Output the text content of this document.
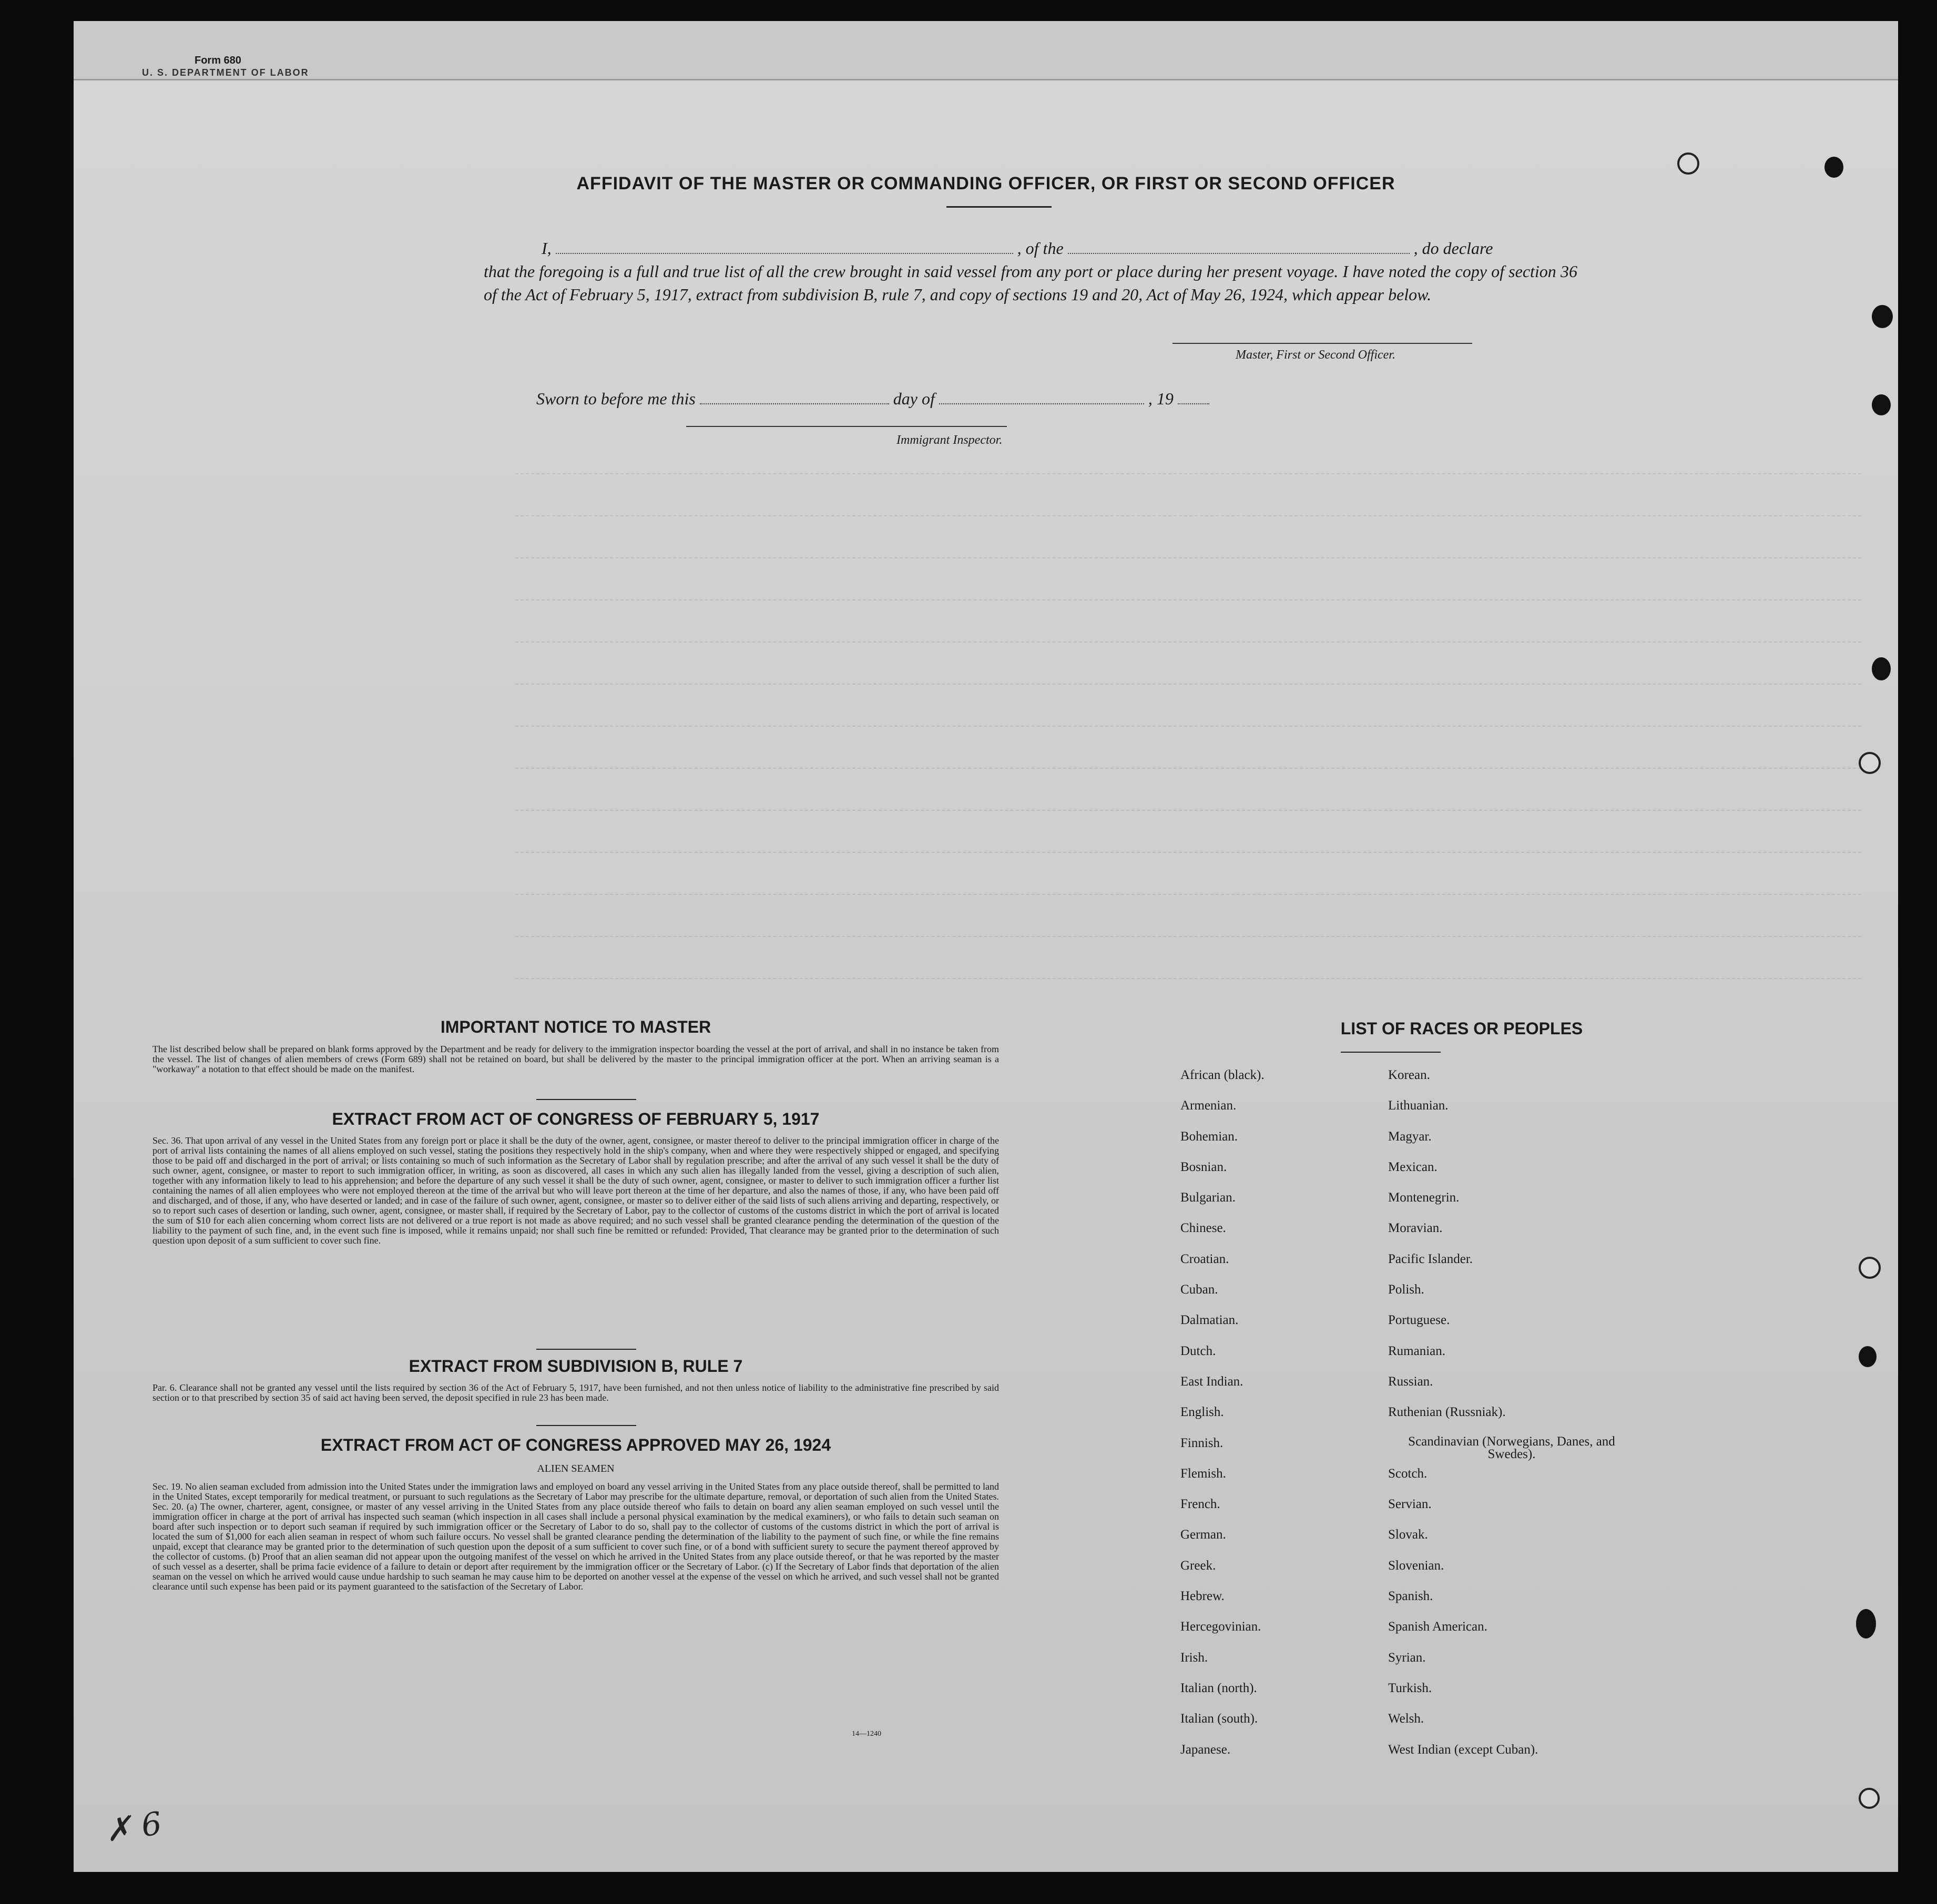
Form 680
U. S. DEPARTMENT OF LABOR
AFFIDAVIT OF THE MASTER OR COMMANDING OFFICER, OR FIRST OR SECOND OFFICER
I,	, of the	, do declare
that the foregoing is a full and true list of all the crew brought in said vessel from any port or place during her present voyage. I have noted the copy of section 36 of the Act of February 5, 1917, extract from subdivision B, rule 7, and copy of sections 19 and 20, Act of May 26, 1924, which appear below.
Master, First or Second Officer.
Sworn to before me this	day of	, 19
Immigrant Inspector.
IMPORTANT NOTICE TO MASTER
The list described below shall be prepared on blank forms approved by the Department and be ready for delivery to the immigration inspector boarding the vessel at the port of arrival, and shall in no instance be taken from the vessel. The list of changes of alien members of crews (Form 689) shall not be retained on board, but shall be delivered by the master to the principal immigration officer at the port. When an arriving seaman is a "workaway" a notation to that effect should be made on the manifest.
EXTRACT FROM ACT OF CONGRESS OF FEBRUARY 5, 1917
Sec. 36. That upon arrival of any vessel in the United States from any foreign port or place it shall be the duty of the owner, agent, consignee, or master thereof to deliver to the principal immigration officer in charge of the port of arrival lists containing the names of all aliens employed on such vessel, stating the positions they respectively hold in the ship's company, when and where they were respectively shipped or engaged, and specifying those to be paid off and discharged in the port of arrival; or lists containing so much of such information as the Secretary of Labor shall by regulation prescribe; and after the arrival of any such vessel it shall be the duty of such owner, agent, consignee, or master to report to such immigration officer, in writing, as soon as discovered, all cases in which any such alien has illegally landed from the vessel, giving a description of such alien, together with any information likely to lead to his apprehension; and before the departure of any such vessel it shall be the duty of such owner, agent, consignee, or master to deliver to such immigration officer a further list containing the names of all alien employees who were not employed thereon at the time of the arrival but who will leave port thereon at the time of her departure, and also the names of those, if any, who have been paid off and discharged, and of those, if any, who have deserted or landed; and in case of the failure of such owner, agent, consignee, or master so to deliver either of the said lists of such aliens arriving and departing, respectively, or so to report such cases of desertion or landing, such owner, agent, consignee, or master shall, if required by the Secretary of Labor, pay to the collector of customs of the customs district in which the port of arrival is located the sum of $10 for each alien concerning whom correct lists are not delivered or a true report is not made as above required; and no such vessel shall be granted clearance pending the determination of the question of the liability to the payment of such fine, and, in the event such fine is imposed, while it remains unpaid; nor shall such fine be remitted or refunded: Provided, That clearance may be granted prior to the determination of such question upon deposit of a sum sufficient to cover such fine.
EXTRACT FROM SUBDIVISION B, RULE 7
Par. 6. Clearance shall not be granted any vessel until the lists required by section 36 of the Act of February 5, 1917, have been furnished, and not then unless notice of liability to the administrative fine prescribed by said section or to that prescribed by section 35 of said act having been served, the deposit specified in rule 23 has been made.
EXTRACT FROM ACT OF CONGRESS APPROVED MAY 26, 1924
ALIEN SEAMEN
Sec. 19. No alien seaman excluded from admission into the United States under the immigration laws and employed on board any vessel arriving in the United States from any place outside thereof, shall be permitted to land in the United States, except temporarily for medical treatment, or pursuant to such regulations as the Secretary of Labor may prescribe for the ultimate departure, removal, or deportation of such alien from the United States. Sec. 20. (a) The owner, charterer, agent, consignee, or master of any vessel arriving in the United States from any place outside thereof who fails to detain on board any alien seaman employed on such vessel until the immigration officer in charge at the port of arrival has inspected such seaman (which inspection in all cases shall include a personal physical examination by the medical examiners), or who fails to detain such seaman on board after such inspection or to deport such seaman if required by such immigration officer or the Secretary of Labor to do so, shall pay to the collector of customs of the customs district in which the port of arrival is located the sum of $1,000 for each alien seaman in respect of whom such failure occurs. No vessel shall be granted clearance pending the determination of the liability to the payment of such fine, or while the fine remains unpaid, except that clearance may be granted prior to the determination of such question upon the deposit of a sum sufficient to cover such fine, or of a bond with sufficient surety to secure the payment thereof approved by the collector of customs. (b) Proof that an alien seaman did not appear upon the outgoing manifest of the vessel on which he arrived in the United States from any place outside thereof, or that he was reported by the master of such vessel as a deserter, shall be prima facie evidence of a failure to detain or deport after requirement by the immigration officer or the Secretary of Labor. (c) If the Secretary of Labor finds that deportation of the alien seaman on the vessel on which he arrived would cause undue hardship to such seaman he may cause him to be deported on another vessel at the expense of the vessel on which he arrived, and such vessel shall not be granted clearance until such expense has been paid or its payment guaranteed to the satisfaction of the Secretary of Labor.
14—1240
LIST OF RACES OR PEOPLES
African (black).
Armenian.
Bohemian.
Bosnian.
Bulgarian.
Chinese.
Croatian.
Cuban.
Dalmatian.
Dutch.
East Indian.
English.
Finnish.
Flemish.
French.
German.
Greek.
Hebrew.
Hercegovinian.
Irish.
Italian (north).
Italian (south).
Japanese.
Korean.
Lithuanian.
Magyar.
Mexican.
Montenegrin.
Moravian.
Pacific Islander.
Polish.
Portuguese.
Rumanian.
Russian.
Ruthenian (Russniak).
Scandinavian (Norwegians, Danes, and Swedes).
Scotch.
Servian.
Slovak.
Slovenian.
Spanish.
Spanish American.
Syrian.
Turkish.
Welsh.
West Indian (except Cuban).
✗ 6
